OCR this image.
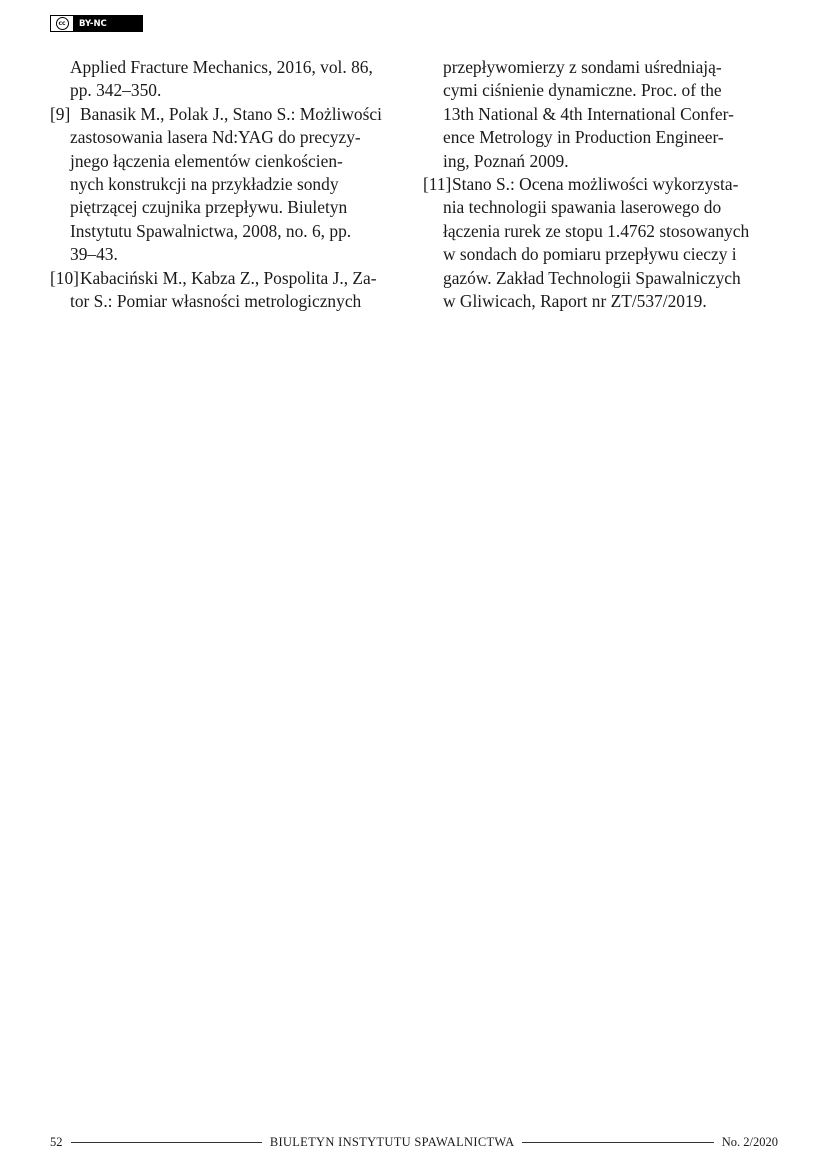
cc	BY-NC
Applied Fracture Mechanics, 2016, vol. 86,
pp. 342–350.
[9] Banasik M., Polak J., Stano S.: Możliwości
zastosowania lasera Nd:YAG do precyzy-
jnego łączenia elementów cienkościen-
nych konstrukcji na przykładzie sondy
piętrzącej czujnika przepływu. Biuletyn
Instytutu Spawalnictwa, 2008, no. 6, pp.
39–43.
[10]Kabaciński M., Kabza Z., Pospolita J., Za-
tor S.: Pomiar własności metrologicznych
przepływomierzy z sondami uśredniają-
cymi ciśnienie dynamiczne. Proc. of the
13th National & 4th International Confer-
ence Metrology in Production Engineer-
ing, Poznań 2009.
[11]Stano S.: Ocena możliwości wykorzysta-
nia technologii spawania laserowego do
łączenia rurek ze stopu 1.4762 stosowanych
w sondach do pomiaru przepływu cieczy i
gazów. Zakład Technologii Spawalniczych
w Gliwicach, Raport nr ZT/537/2019.
52	BIULETYN INSTYTUTU SPAWALNICTWA	No. 2/2020
